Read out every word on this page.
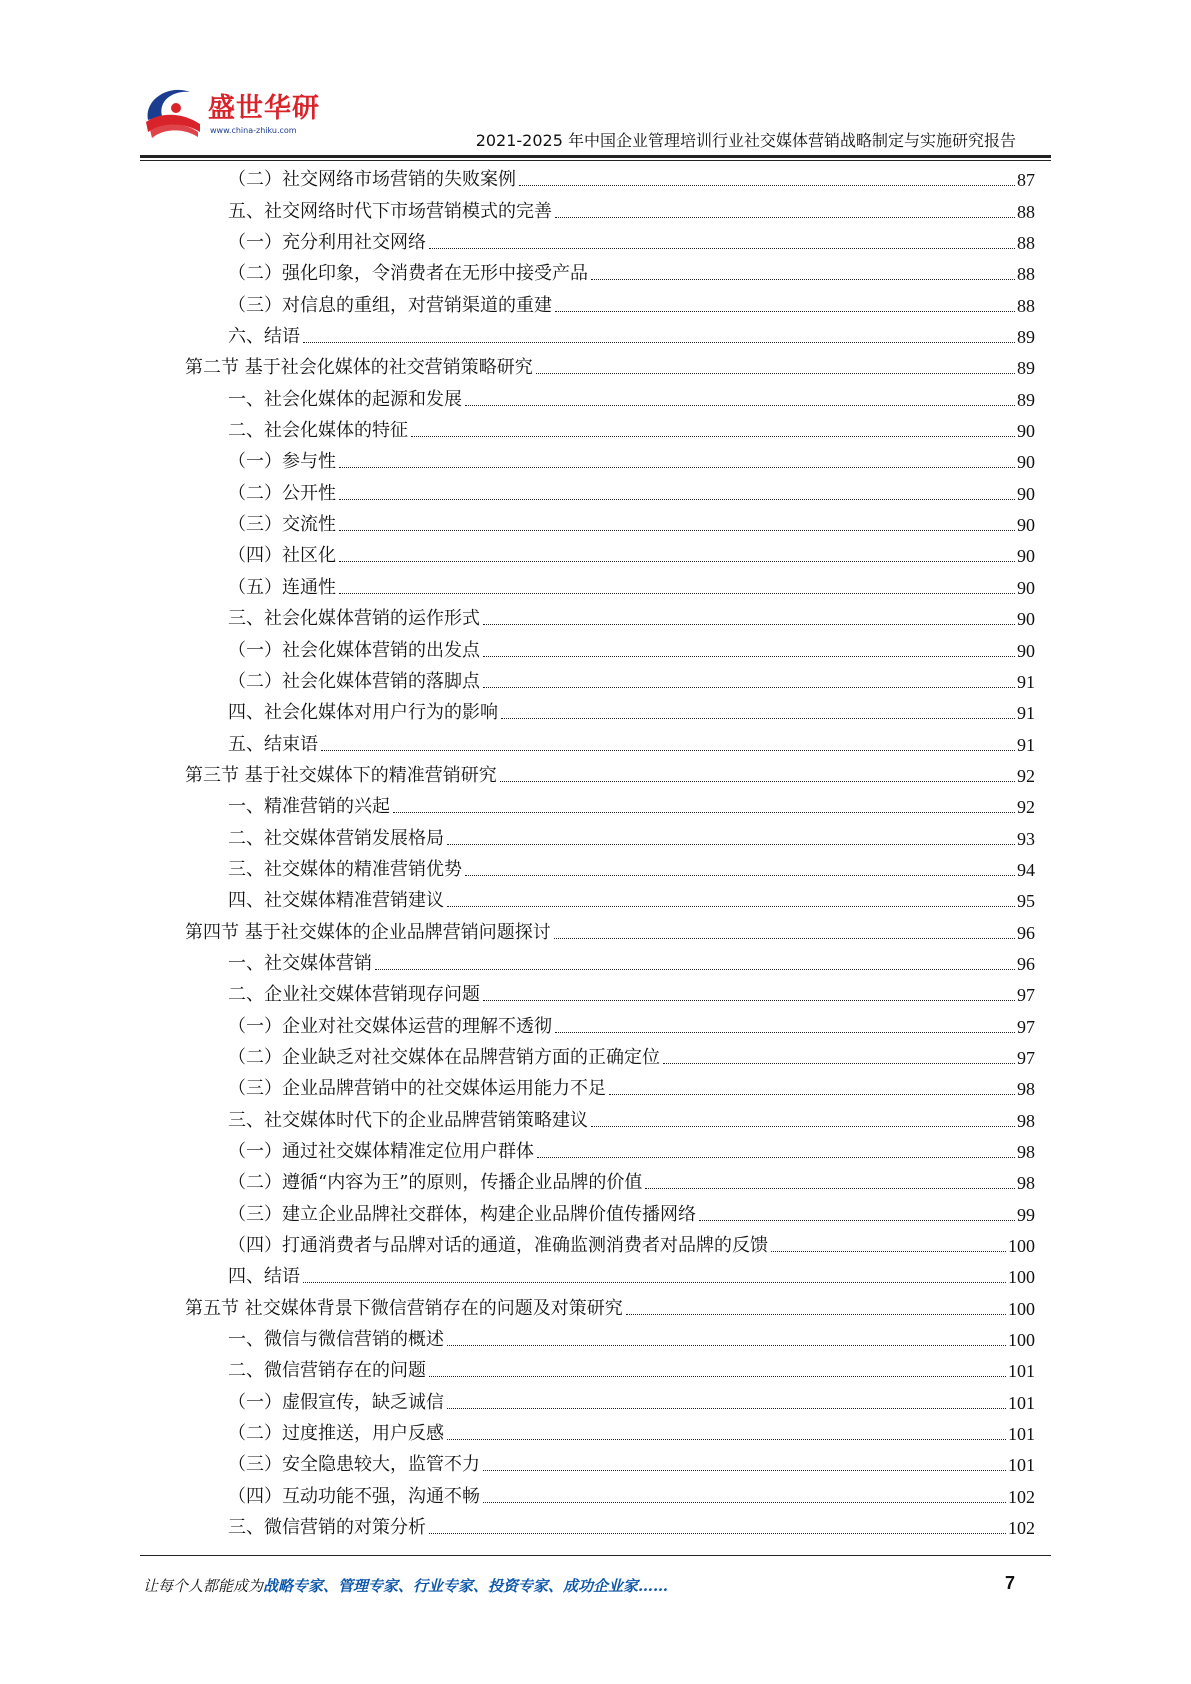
盛世华研
www.china-zhiku.com
2021-2025 年中国企业管理培训行业社交媒体营销战略制定与实施研究报告
（二）社交网络市场营销的失败案例	87
五、社交网络时代下市场营销模式的完善	88
（一）充分利用社交网络	88
（二）强化印象，令消费者在无形中接受产品	88
（三）对信息的重组，对营销渠道的重建	88
六、结语	89
第二节 基于社会化媒体的社交营销策略研究	89
一、社会化媒体的起源和发展	89
二、社会化媒体的特征	90
（一）参与性	90
（二）公开性	90
（三）交流性	90
（四）社区化	90
（五）连通性	90
三、社会化媒体营销的运作形式	90
（一）社会化媒体营销的出发点	90
（二）社会化媒体营销的落脚点	91
四、社会化媒体对用户行为的影响	91
五、结束语	91
第三节 基于社交媒体下的精准营销研究	92
一、精准营销的兴起	92
二、社交媒体营销发展格局	93
三、社交媒体的精准营销优势	94
四、社交媒体精准营销建议	95
第四节 基于社交媒体的企业品牌营销问题探讨	96
一、社交媒体营销	96
二、企业社交媒体营销现存问题	97
（一）企业对社交媒体运营的理解不透彻	97
（二）企业缺乏对社交媒体在品牌营销方面的正确定位	97
（三）企业品牌营销中的社交媒体运用能力不足	98
三、社交媒体时代下的企业品牌营销策略建议	98
（一）通过社交媒体精准定位用户群体	98
（二）遵循“内容为王”的原则，传播企业品牌的价值	98
（三）建立企业品牌社交群体，构建企业品牌价值传播网络	99
（四）打通消费者与品牌对话的通道，准确监测消费者对品牌的反馈	100
四、结语	100
第五节 社交媒体背景下微信营销存在的问题及对策研究	100
一、微信与微信营销的概述	100
二、微信营销存在的问题	101
（一）虚假宣传，缺乏诚信	101
（二）过度推送，用户反感	101
（三）安全隐患较大，监管不力	101
（四）互动功能不强，沟通不畅	102
三、微信营销的对策分析	102
让每个人都能成为战略专家、管理专家、行业专家、投资专家、成功企业家……	7
